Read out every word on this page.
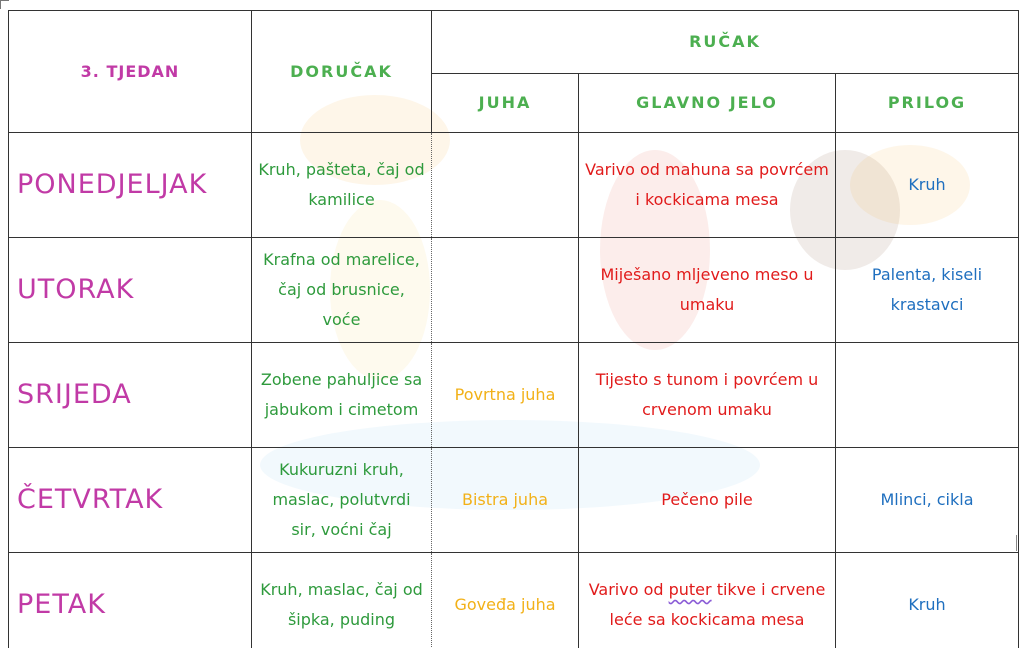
3. TJEDAN	DORUČAK	RUČAK		
		JUHA	GLAVNO JELO	PRILOG
PONEDJELJAK	Kruh, pašteta, čaj od kamilice		Varivo od mahuna sa povrćem i kockicama mesa	Kruh
UTORAK	Krafna od marelice, čaj od brusnice, voće		Miješano mljeveno meso u umaku	Palenta, kiseli krastavci
SRIJEDA	Zobene pahuljice sa jabukom i cimetom	Povrtna juha	Tijesto s tunom i povrćem u crvenom umaku	
ČETVRTAK	Kukuruzni kruh, maslac, polutvrdi sir, voćni čaj	Bistra juha	Pečeno pile	Mlinci, cikla
PETAK	Kruh, maslac, čaj od šipka, puding	Goveđa juha	Varivo od puter tikve i crvene leće sa kockicama mesa	Kruh
